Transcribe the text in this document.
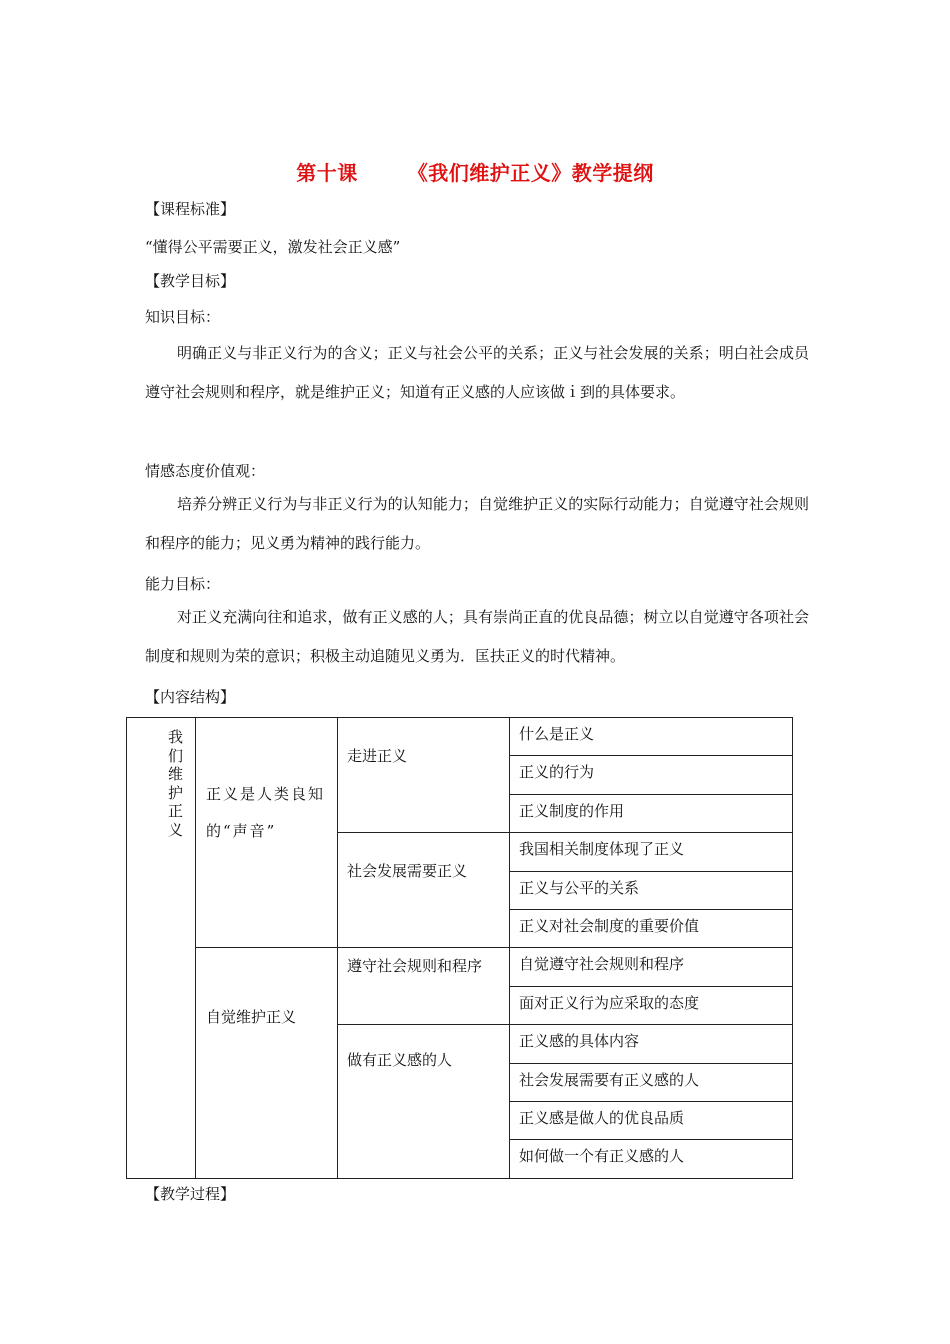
第十课	《我们维护正义》教学提纲
【课程标准】
“懂得公平需要正义，激发社会正义感”
【教学目标】
知识目标：
明确正义与非正义行为的含义；正义与社会公平的关系；正义与社会发展的关系；明白社会成员遵守社会规则和程序，就是维护正义；知道有正义感的人应该做ｉ到的具体要求。
情感态度价值观：
培养分辨正义行为与非正义行为的认知能力；自觉维护正义的实际行动能力；自觉遵守社会规则和程序的能力；见义勇为精神的践行能力。
能力目标：
对正义充满向往和追求，做有正义感的人；具有崇尚正直的优良品德；树立以自觉遵守各项社会制度和规则为荣的意识；积极主动追随见义勇为．匡扶正义的时代精神。
【内容结构】
我们维护正义	正义是人类良知的“声音”	走进正义	什么是正义
			正义的行为
			正义制度的作用
		社会发展需要正义	我国相关制度体现了正义
			正义与公平的关系
			正义对社会制度的重要价值
	自觉维护正义	遵守社会规则和程序	自觉遵守社会规则和程序
			面对正义行为应采取的态度
		做有正义感的人	正义感的具体内容
			社会发展需要有正义感的人
			正义感是做人的优良品质
			如何做一个有正义感的人
【教学过程】
